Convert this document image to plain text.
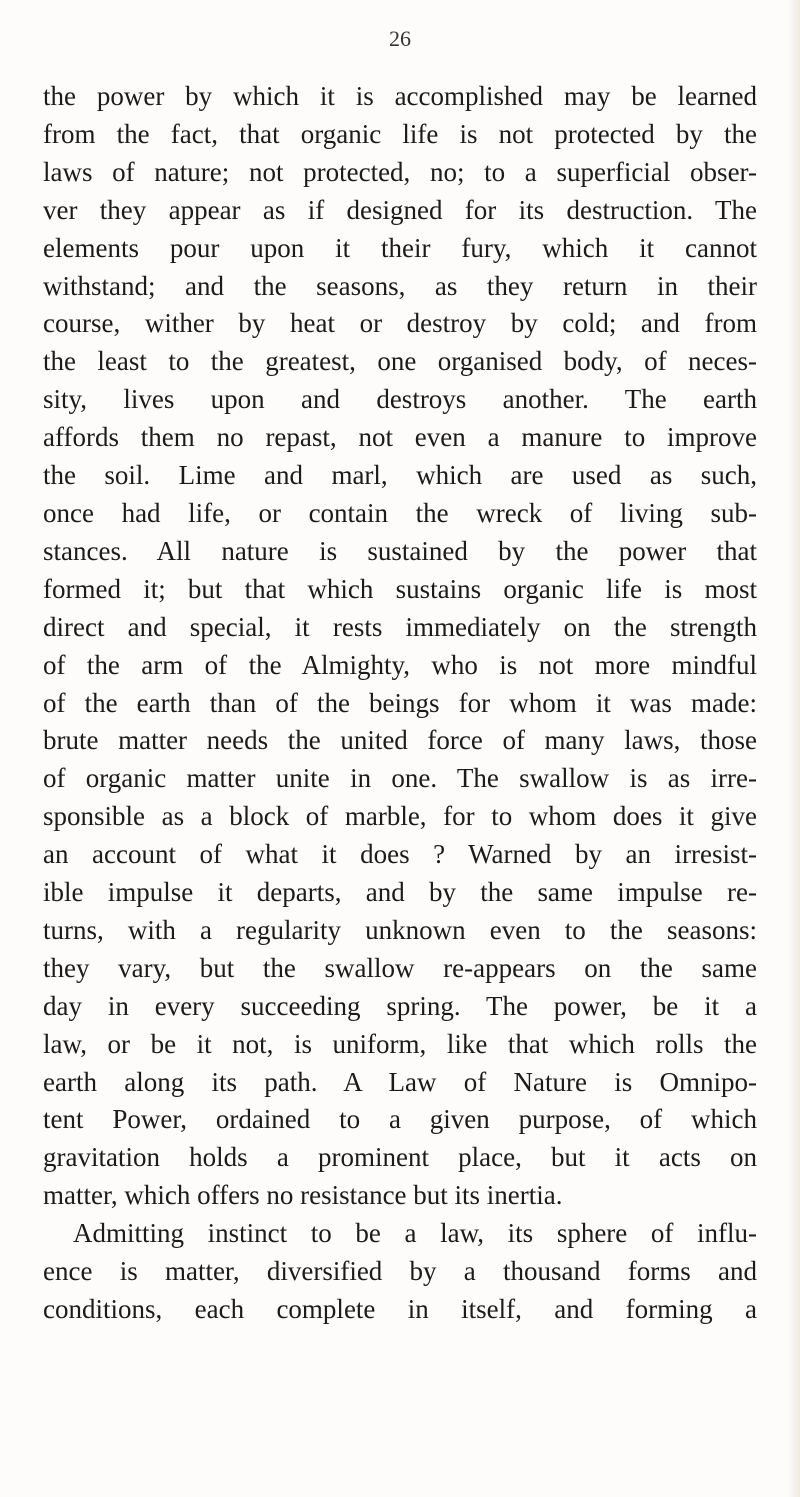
26
the power by which it is accomplished may be learned
from the fact, that organic life is not protected by the
laws of nature; not protected, no; to a superficial obser-
ver they appear as if designed for its destruction. The
elements pour upon it their fury, which it cannot
withstand; and the seasons, as they return in their
course, wither by heat or destroy by cold; and from
the least to the greatest, one organised body, of neces-
sity, lives upon and destroys another. The earth
affords them no repast, not even a manure to improve
the soil. Lime and marl, which are used as such,
once had life, or contain the wreck of living sub-
stances. All nature is sustained by the power that
formed it; but that which sustains organic life is most
direct and special, it rests immediately on the strength
of the arm of the Almighty, who is not more mindful
of the earth than of the beings for whom it was made:
brute matter needs the united force of many laws, those
of organic matter unite in one. The swallow is as irre-
sponsible as a block of marble, for to whom does it give
an account of what it does ? Warned by an irresist-
ible impulse it departs, and by the same impulse re-
turns, with a regularity unknown even to the seasons:
they vary, but the swallow re-appears on the same
day in every succeeding spring. The power, be it a
law, or be it not, is uniform, like that which rolls the
earth along its path. A Law of Nature is Omnipo-
tent Power, ordained to a given purpose, of which
gravitation holds a prominent place, but it acts on
matter, which offers no resistance but its inertia.
Admitting instinct to be a law, its sphere of influ-
ence is matter, diversified by a thousand forms and
conditions, each complete in itself, and forming a
